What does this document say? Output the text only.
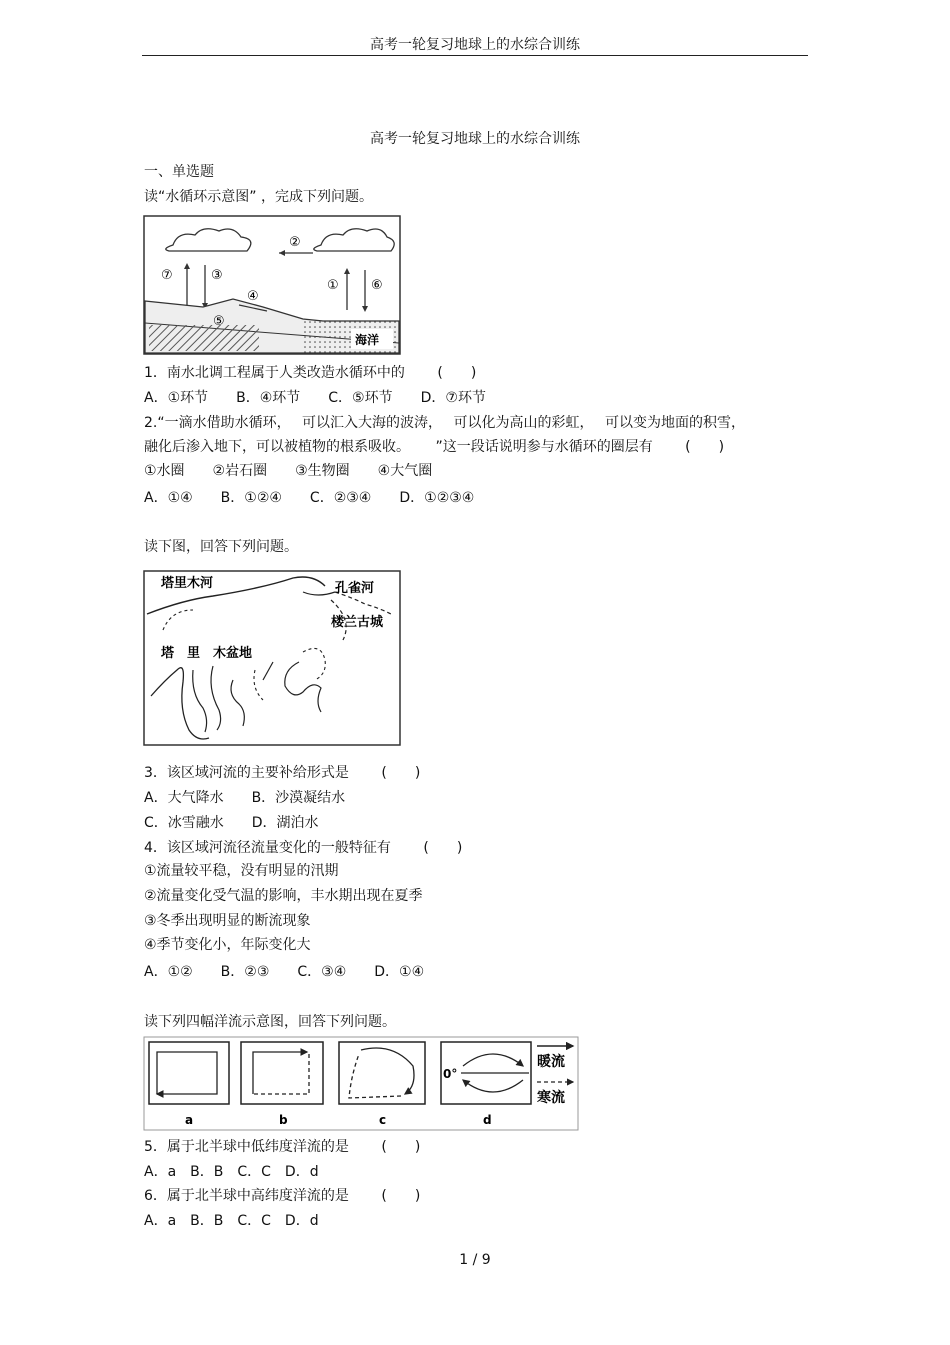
高考一轮复习地球上的水综合训练
高考一轮复习地球上的水综合训练
一、单选题
读“水循环示意图” ，完成下列问题。
②
⑦	③
① ⑥
④
⑤
海洋
1．南水北调工程属于人类改造水循环中的 　　(　　)
A．①环节　　B．④环节　　C．⑤环节　　D．⑦环节
2.“一滴水借助水循环，　 可以汇入大海的波涛，　 可以化为高山的彩虹，　 可以变为地面的积雪，
融化后渗入地下，可以被植物的根系吸收。　　 ”这一段话说明参与水循环的圈层有 　　(　　)
①水圈　　②岩石圈　　③生物圈　　④大气圈
A．①④　　B．①②④　　C．②③④　　D．①②③④
读下图，回答下列问题。
塔里木河	孔雀河
楼兰古城
塔　里　木盆地
3．该区域河流的主要补给形式是 　　(　　)
A．大气降水　　B．沙漠凝结水
C．冰雪融水　　D．湖泊水
4．该区域河流径流量变化的一般特征有 　　(　　)
①流量较平稳，没有明显的汛期
②流量变化受气温的影响，丰水期出现在夏季
③冬季出现明显的断流现象
④季节变化小，年际变化大
A．①②　　B．②③　　C．③④　　D．①④
读下列四幅洋流示意图，回答下列问题。
a	b	c
0°
d
暖流
寒流
5．属于北半球中低纬度洋流的是 　　(　　)
A．a　B．B　C．C　D．d
6．属于北半球中高纬度洋流的是 　　(　　)
A．a　B．B　C．C　D．d
1 / 9
